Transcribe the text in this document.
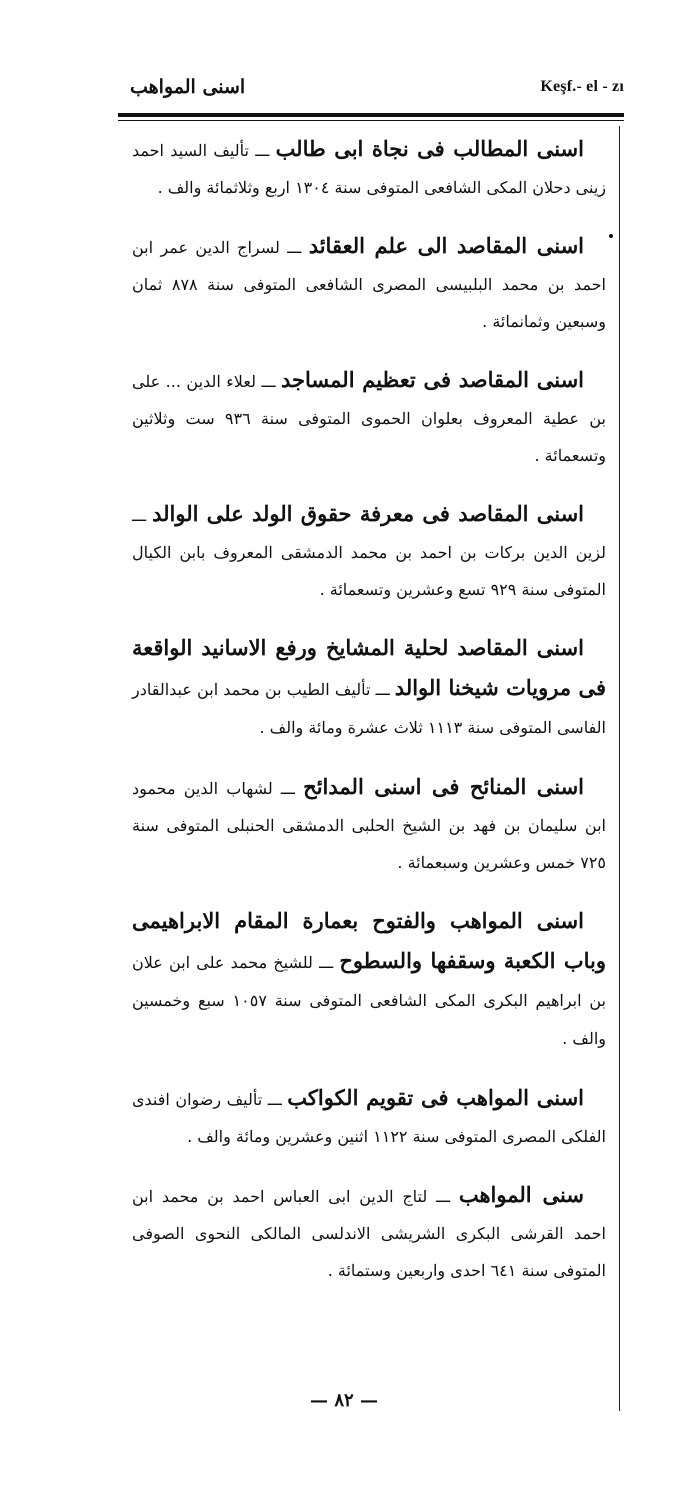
اسنى المواهب	Keşf.- el - zı
اسنى المطالب فى نجاة ابى طالب ـــ تأليف السيد احمد زينى دحلان المكى الشافعى المتوفى سنة ١٣٠٤ اربع وثلاثمائة والف .
اسنى المقاصد الى علم العقائد ـــ لسراج الدين عمر ابن احمد بن محمد البلبيسى المصرى الشافعى المتوفى سنة ٨٧٨ ثمان وسبعين وثمانمائة .
اسنى المقاصد فى تعظيم المساجد ـــ لعلاء الدين ... على بن عطية المعروف بعلوان الحموى المتوفى سنة ٩٣٦ ست وثلاثين وتسعمائة .
اسنى المقاصد فى معرفة حقوق الولد على الوالد ـــ لزين الدين بركات بن احمد بن محمد الدمشقى المعروف بابن الكيال المتوفى سنة ٩٢٩ تسع وعشرين وتسعمائة .
اسنى المقاصد لحلية المشايخ ورفع الاسانيد الواقعة فى مرويات شيخنا الوالد ـــ تأليف الطيب بن محمد ابن عبدالقادر الفاسى المتوفى سنة ١١١٣ ثلاث عشرة ومائة والف .
اسنى المنائح فى اسنى المدائح ـــ لشهاب الدين محمود ابن سليمان بن فهد بن الشيخ الحلبى الدمشقى الحنبلى المتوفى سنة ٧٢٥ خمس وعشرين وسبعمائة .
اسنى المواهب والفتوح بعمارة المقام الابراهيمى وباب الكعبة وسقفها والسطوح ـــ للشيخ محمد على ابن علان بن ابراهيم البكرى المكى الشافعى المتوفى سنة ١٠٥٧ سبع وخمسين والف .
اسنى المواهب فى تقويم الكواكب ـــ تأليف رضوان افندى الفلكى المصرى المتوفى سنة ١١٢٢ اثنين وعشرين ومائة والف .
سنى المواهب ـــ لتاج الدين ابى العباس احمد بن محمد ابن احمد القرشى البكرى الشريشى الاندلسى المالكى النحوى الصوفى المتوفى سنة ٦٤١ احدى واربعين وستمائة .
— ٨٢ —
